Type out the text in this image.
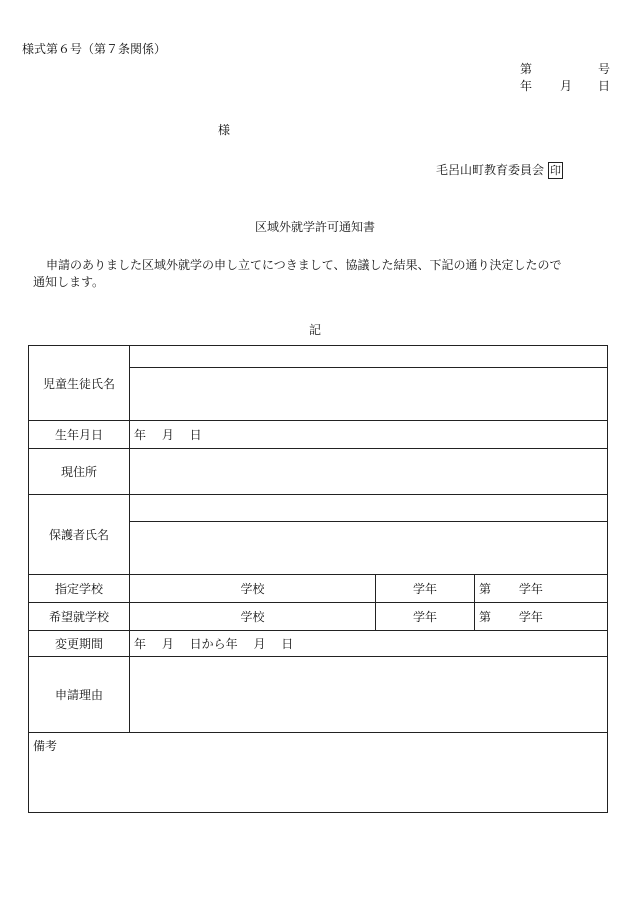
様式第６号（第７条関係）
第	号
年 月 日
様
毛呂山町教育委員会 印
区域外就学許可通知書
申請のありました区域外就学の申し立てにつきまして、協議した結果、下記の通り決定したので
通知します。
記
児童生徒氏名			

生年月日	年　 月　 日		
現住所			
保護者氏名			

指定学校	学校	学年	第　　 学年
希望就学校	学校	学年	第　　 学年
変更期間	年　 月　 日から年　 月　 日		
申請理由			
備考			
